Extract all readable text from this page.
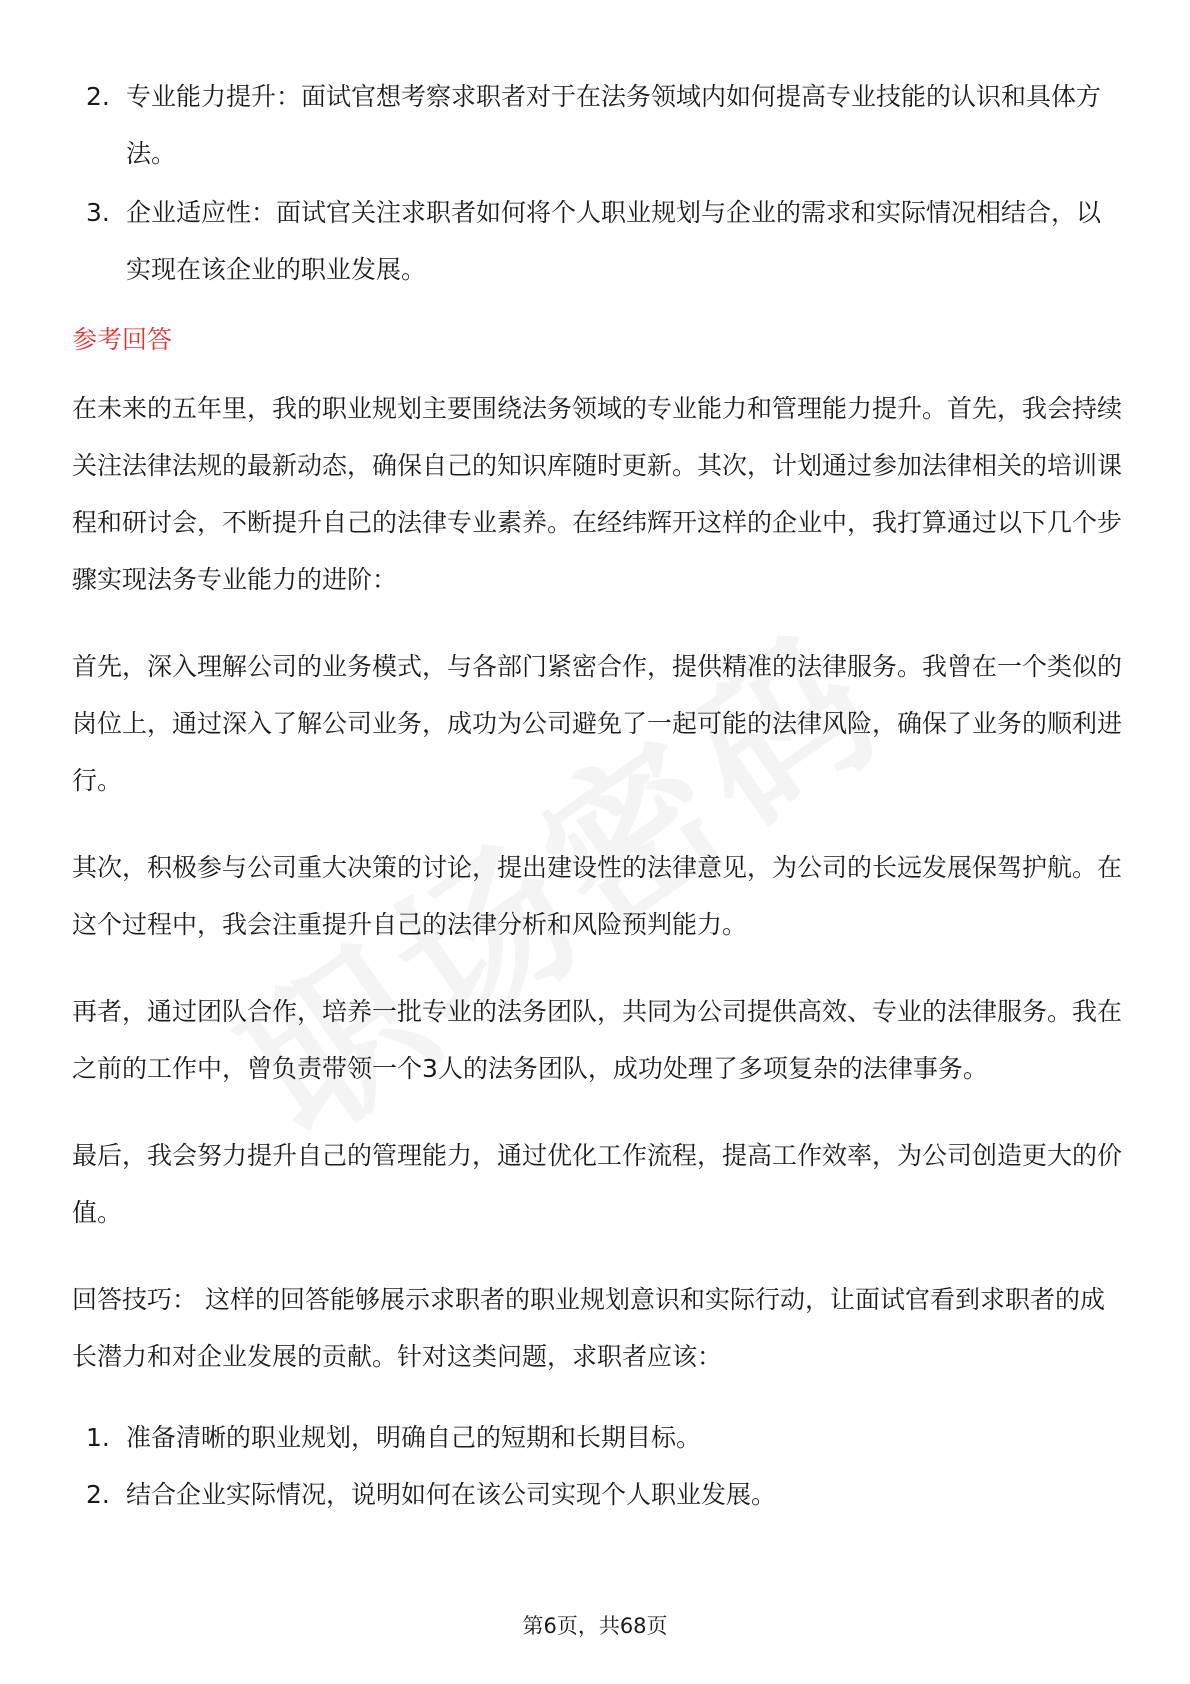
2. 专业能力提升：面试官想考察求职者对于在法务领域内如何提高专业技能的认识和具体方法。
3. 企业适应性：面试官关注求职者如何将个人职业规划与企业的需求和实际情况相结合，以实现在该企业的职业发展。
参考回答

在未来的五年里，我的职业规划主要围绕法务领域的专业能力和管理能力提升。首先，我会持续关注法律法规的最新动态，确保自己的知识库随时更新。其次，计划通过参加法律相关的培训课程和研讨会，不断提升自己的法律专业素养。在经纬辉开这样的企业中，我打算通过以下几个步骤实现法务专业能力的进阶：

首先，深入理解公司的业务模式，与各部门紧密合作，提供精准的法律服务。我曾在一个类似的岗位上，通过深入了解公司业务，成功为公司避免了一起可能的法律风险，确保了业务的顺利进行。

其次，积极参与公司重大决策的讨论，提出建设性的法律意见，为公司的长远发展保驾护航。在这个过程中，我会注重提升自己的法律分析和风险预判能力。

再者，通过团队合作，培养一批专业的法务团队，共同为公司提供高效、专业的法律服务。我在之前的工作中，曾负责带领一个3人的法务团队，成功处理了多项复杂的法律事务。

最后，我会努力提升自己的管理能力，通过优化工作流程，提高工作效率，为公司创造更大的价值。

回答技巧： 这样的回答能够展示求职者的职业规划意识和实际行动，让面试官看到求职者的成长潜力和对企业发展的贡献。针对这类问题，求职者应该：

1. 准备清晰的职业规划，明确自己的短期和长期目标。
2. 结合企业实际情况，说明如何在该公司实现个人职业发展。
第6页，共68页
